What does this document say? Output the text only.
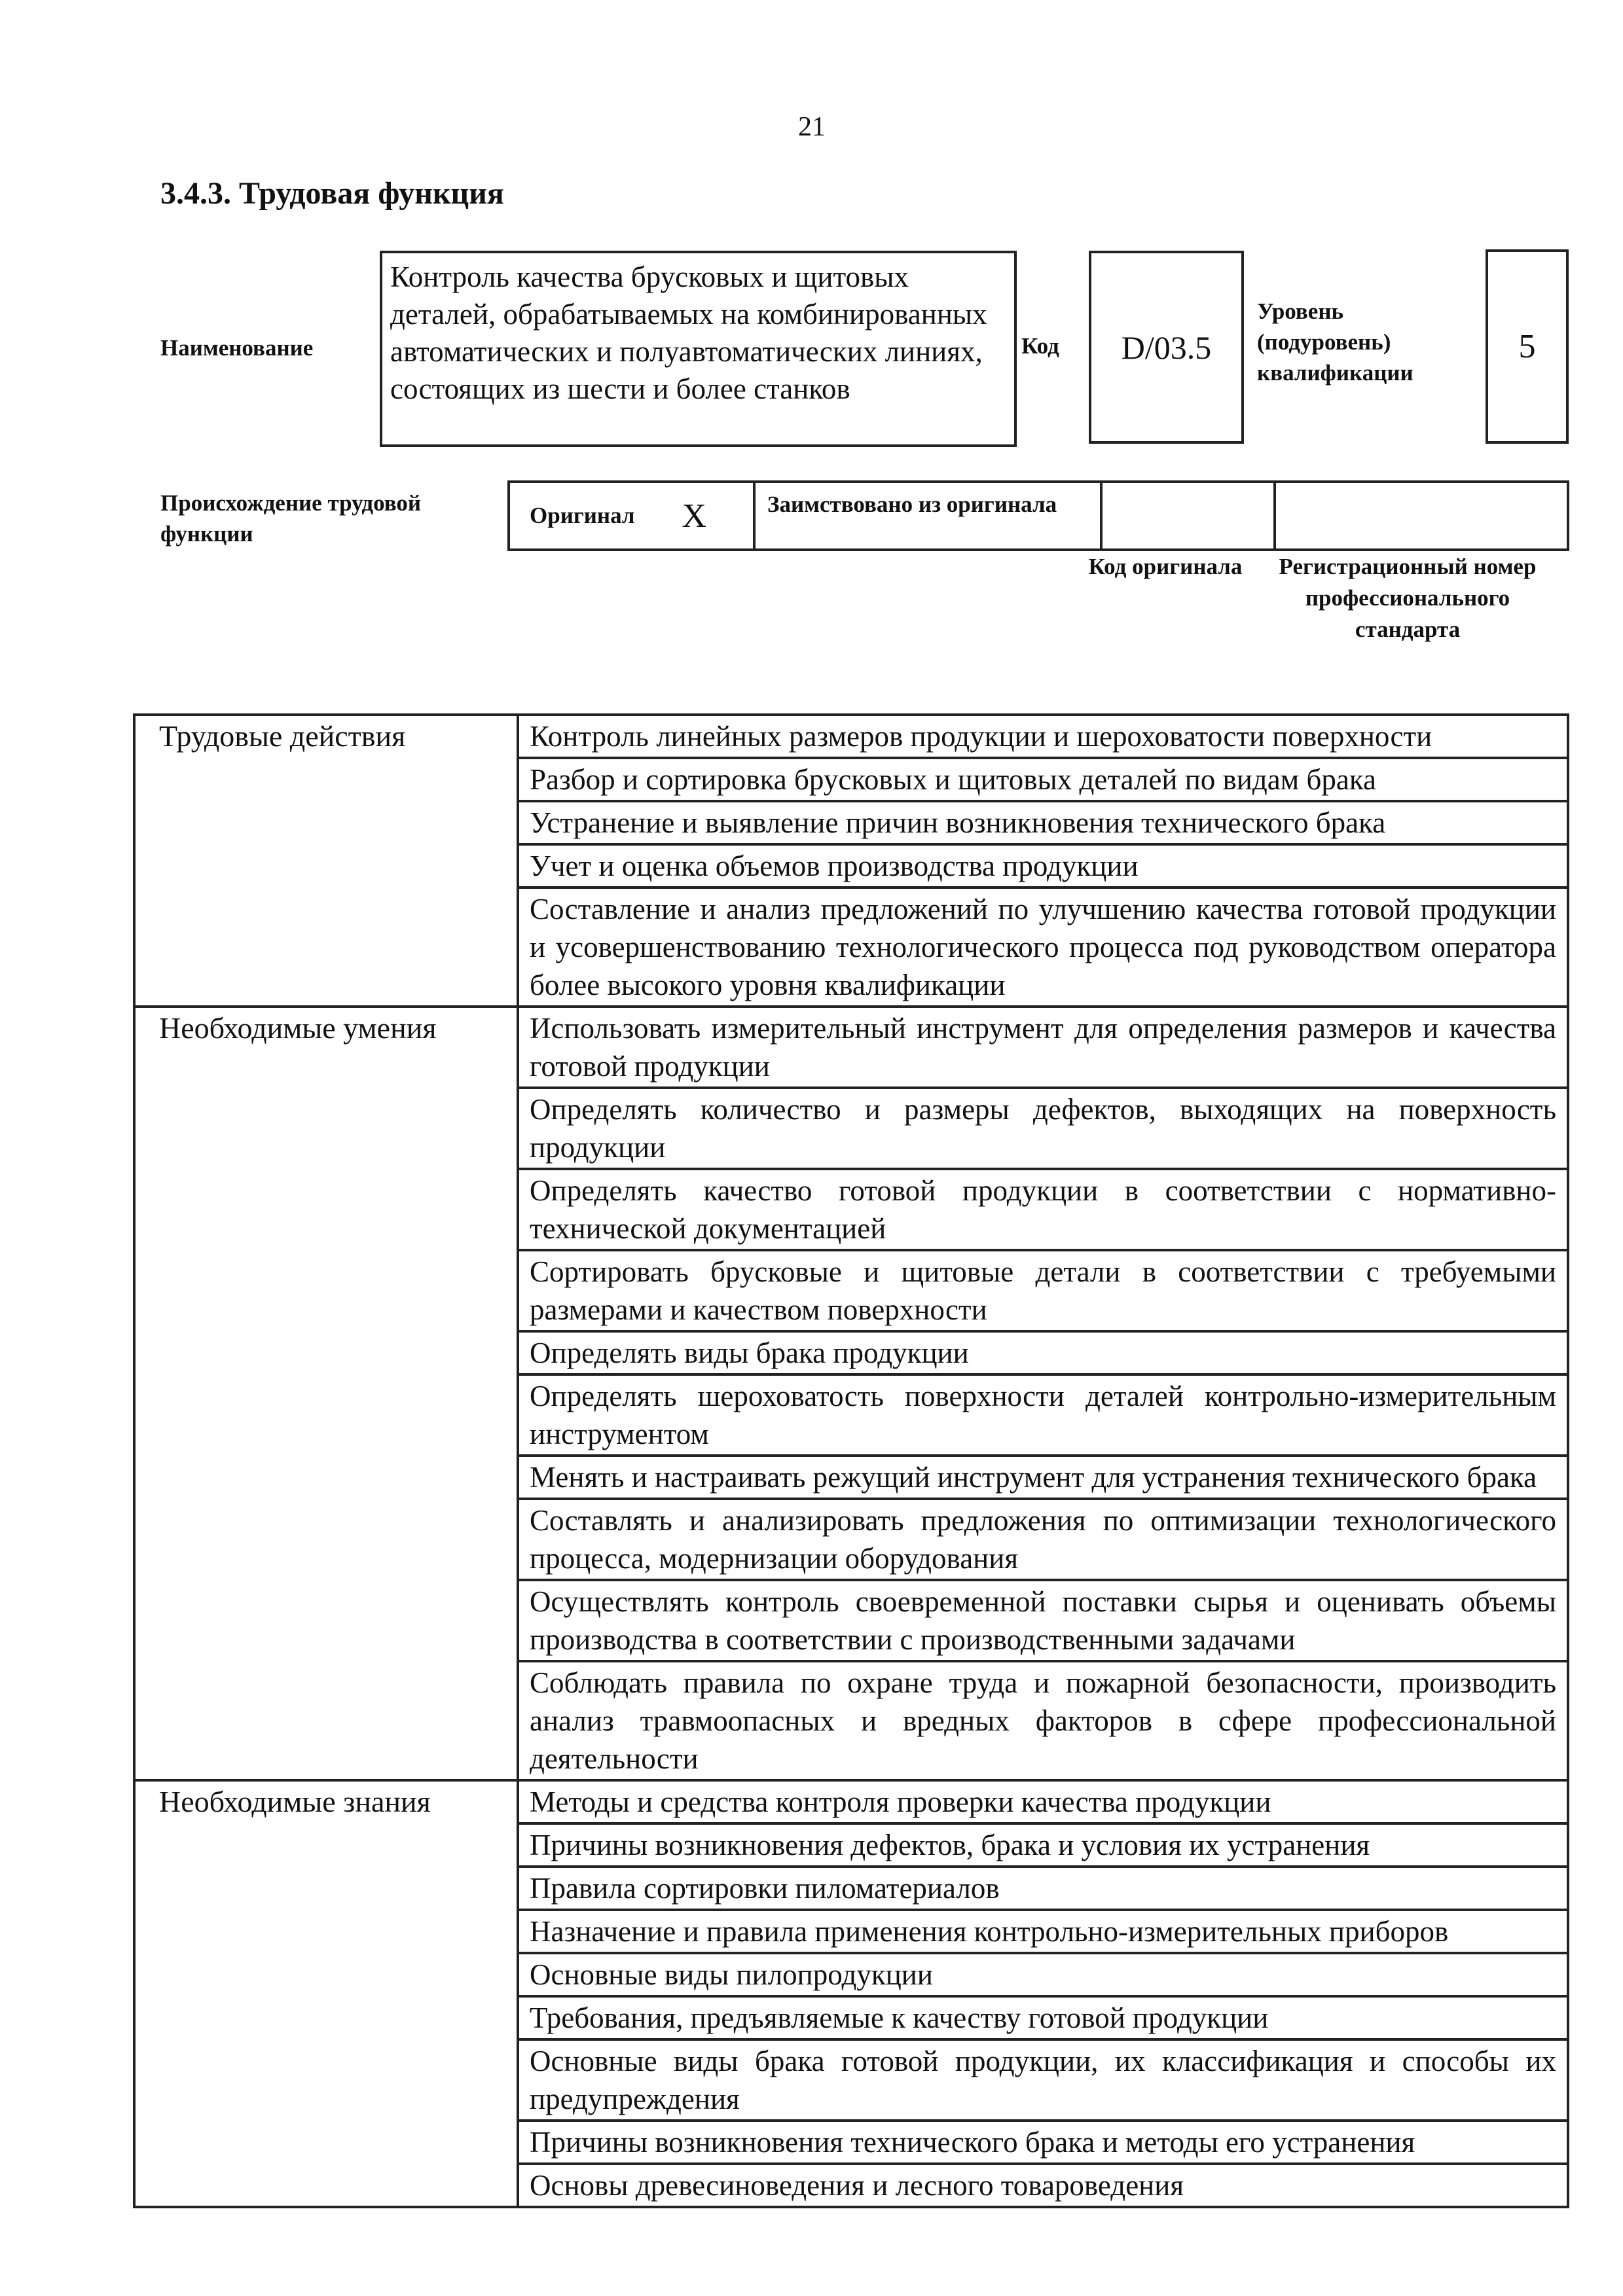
21
3.4.3. Трудовая функция
Наименование
Контроль качества брусковых и щитовых деталей, обрабатываемых на комбинированных автоматических и полуавтоматических линиях, состоящих из шести и более станков
Код	D/03.5
Уровень (подуровень) квалификации
5
Происхождение трудовой функции
Оригинал X	Заимствовано из оригинала
Код оригинала	Регистрационный номер профессионального стандарта
Трудовые действия	Контроль линейных размеров продукции и шероховатости поверхности
	Разбор и сортировка брусковых и щитовых деталей по видам брака
	Устранение и выявление причин возникновения технического брака
	Учет и оценка объемов производства продукции
	Составление и анализ предложений по улучшению качества готовой продукции и усовершенствованию технологического процесса под руководством оператора более высокого уровня квалификации
Необходимые умения	Использовать измерительный инструмент для определения размеров и качества готовой продукции
	Определять количество и размеры дефектов, выходящих на поверхность продукции
	Определять качество готовой продукции в соответствии с нормативно-технической документацией
	Сортировать брусковые и щитовые детали в соответствии с требуемыми размерами и качеством поверхности
	Определять виды брака продукции
	Определять шероховатость поверхности деталей контрольно-измерительным инструментом
	Менять и настраивать режущий инструмент для устранения технического брака
	Составлять и анализировать предложения по оптимизации технологического процесса, модернизации оборудования
	Осуществлять контроль своевременной поставки сырья и оценивать объемы производства в соответствии с производственными задачами
	Соблюдать правила по охране труда и пожарной безопасности, производить анализ травмоопасных и вредных факторов в сфере профессиональной деятельности
Необходимые знания	Методы и средства контроля проверки качества продукции
	Причины возникновения дефектов, брака и условия их устранения
	Правила сортировки пиломатериалов
	Назначение и правила применения контрольно-измерительных приборов
	Основные виды пилопродукции
	Требования, предъявляемые к качеству готовой продукции
	Основные виды брака готовой продукции, их классификация и способы их предупреждения
	Причины возникновения технического брака и методы его устранения
	Основы древесиноведения и лесного товароведения
